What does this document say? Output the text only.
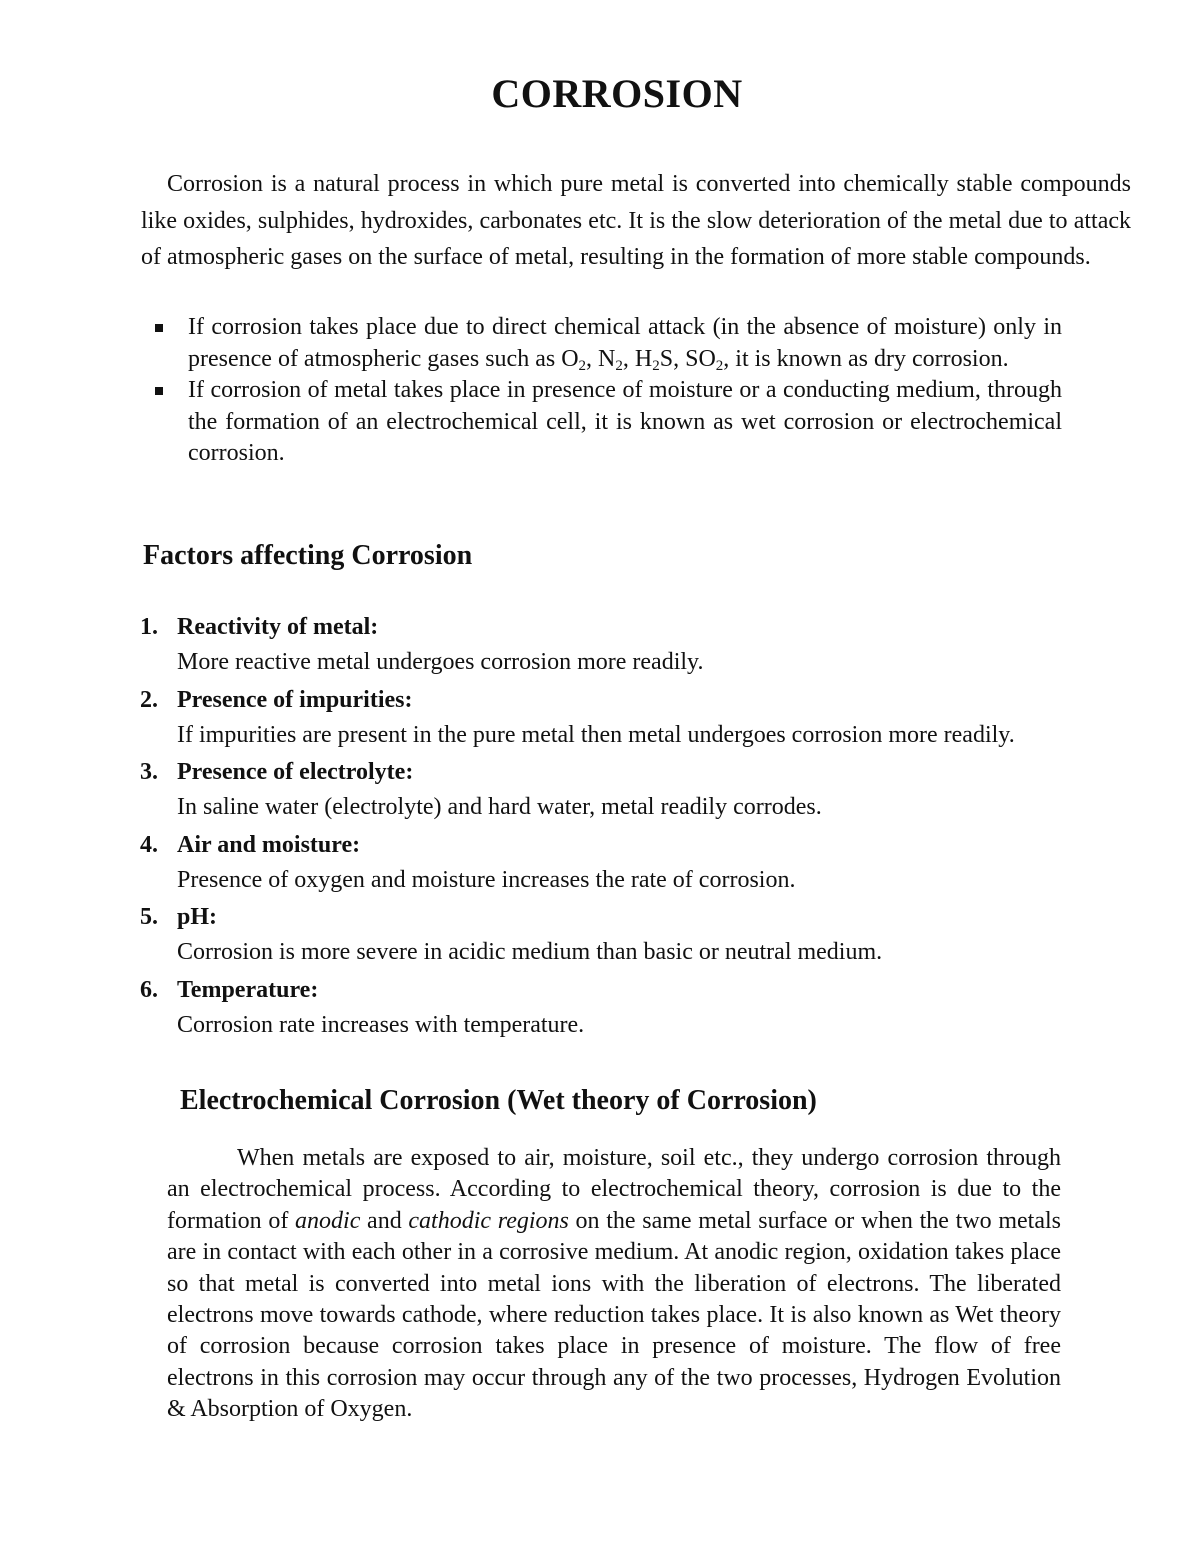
CORROSION

Corrosion is a natural process in which pure metal is converted into chemically stable compounds like oxides, sulphides, hydroxides, carbonates etc. It is the slow deterioration of the metal due to attack of atmospheric gases on the surface of metal, resulting in the formation of more stable compounds.

If corrosion takes place due to direct chemical attack (in the absence of moisture) only in presence of atmospheric gases such as $O_2$, $N_2$, $H_2S$, $SO_2$, it is known as dry corrosion.
If corrosion of metal takes place in presence of moisture or a conducting medium, through the formation of an electrochemical cell, it is known as wet corrosion or electrochemical corrosion.
Factors affecting Corrosion
1. Reactivity of metal:
More reactive metal undergoes corrosion more readily.
2. Presence of impurities:
If impurities are present in the pure metal then metal undergoes corrosion more readily.
3. Presence of electrolyte:
In saline water (electrolyte) and hard water, metal readily corrodes.
4. Air and moisture:
Presence of oxygen and moisture increases the rate of corrosion.
5. pH:
Corrosion is more severe in acidic medium than basic or neutral medium.
6. Temperature:
Corrosion rate increases with temperature.
Electrochemical Corrosion (Wet theory of Corrosion)

When metals are exposed to air, moisture, soil etc., they undergo corrosion through an electrochemical process. According to electrochemical theory, corrosion is due to the formation of anodic and cathodic regions on the same metal surface or when the two metals are in contact with each other in a corrosive medium. At anodic region, oxidation takes place so that metal is converted into metal ions with the liberation of electrons. The liberated electrons move towards cathode, where reduction takes place. It is also known as Wet theory of corrosion because corrosion takes place in presence of moisture. The flow of free electrons in this corrosion may occur through any of the two processes, Hydrogen Evolution & Absorption of Oxygen.
